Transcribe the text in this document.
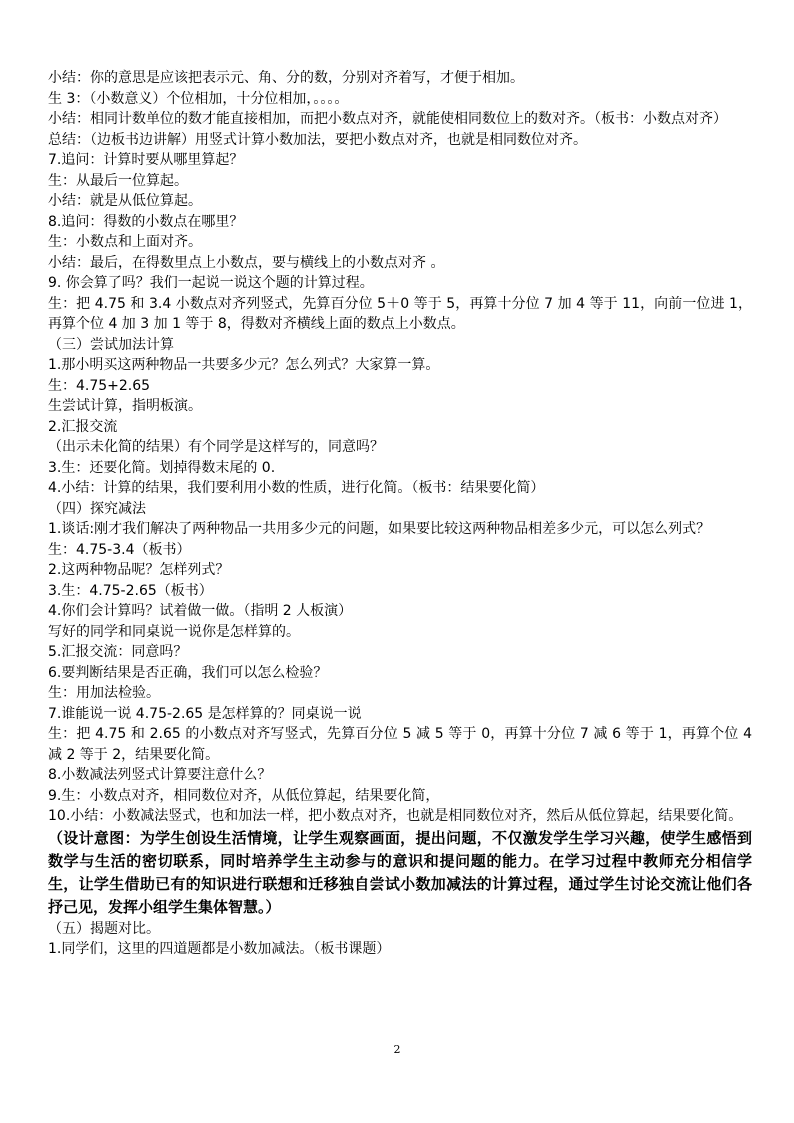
小结：你的意思是应该把表示元、角、分的数，分别对齐着写，才便于相加。

生 3：（小数意义）个位相加，十分位相加，。。。。

小结：相同计数单位的数才能直接相加，而把小数点对齐，就能使相同数位上的数对齐。（板书：小数点对齐）

总结：（边板书边讲解）用竖式计算小数加法，要把小数点对齐，也就是相同数位对齐。

7.追问：计算时要从哪里算起？

生：从最后一位算起。

小结：就是从低位算起。

8.追问：得数的小数点在哪里？

生：小数点和上面对齐。

小结：最后，在得数里点上小数点，要与横线上的小数点对齐 。

9. 你会算了吗？我们一起说一说这个题的计算过程。

生：把 4.75 和 3.4 小数点对齐列竖式，先算百分位 5＋0 等于 5，再算十分位 7 加 4 等于 11，向前一位进 1，再算个位 4 加 3 加 1 等于 8，得数对齐横线上面的数点上小数点。

（三）尝试加法计算

1.那小明买这两种物品一共要多少元？怎么列式？大家算一算。

生：4.75+2.65

生尝试计算，指明板演。

2.汇报交流

（出示未化简的结果）有个同学是这样写的，同意吗？

3.生：还要化简。划掉得数末尾的 0.

4.小结：计算的结果，我们要利用小数的性质，进行化简。（板书：结果要化简）

（四）探究减法

1.谈话:刚才我们解决了两种物品一共用多少元的问题，如果要比较这两种物品相差多少元，可以怎么列式？

生：4.75-3.4（板书）

2.这两种物品呢？怎样列式？

3.生：4.75-2.65（板书）

4.你们会计算吗？试着做一做。（指明 2 人板演）

写好的同学和同桌说一说你是怎样算的。

5.汇报交流：同意吗？

6.要判断结果是否正确，我们可以怎么检验？

生：用加法检验。

7.谁能说一说 4.75-2.65 是怎样算的？同桌说一说

生：把 4.75 和 2.65 的小数点对齐写竖式，先算百分位 5 减 5 等于 0，再算十分位 7 减 6 等于 1，再算个位 4 减 2 等于 2，结果要化简。

8.小数减法列竖式计算要注意什么？

9.生：小数点对齐，相同数位对齐，从低位算起，结果要化简，

10.小结：小数减法竖式，也和加法一样，把小数点对齐，也就是相同数位对齐，然后从低位算起，结果要化简。

（设计意图：为学生创设生活情境，让学生观察画面，提出问题，不仅激发学生学习兴趣，使学生感悟到数学与生活的密切联系，同时培养学生主动参与的意识和提问题的能力。在学习过程中教师充分相信学生，让学生借助已有的知识进行联想和迁移独自尝试小数加减法的计算过程，通过学生讨论交流让他们各抒己见，发挥小组学生集体智慧。）

（五）揭题对比。

1.同学们，这里的四道题都是小数加减法。（板书课题）

2
